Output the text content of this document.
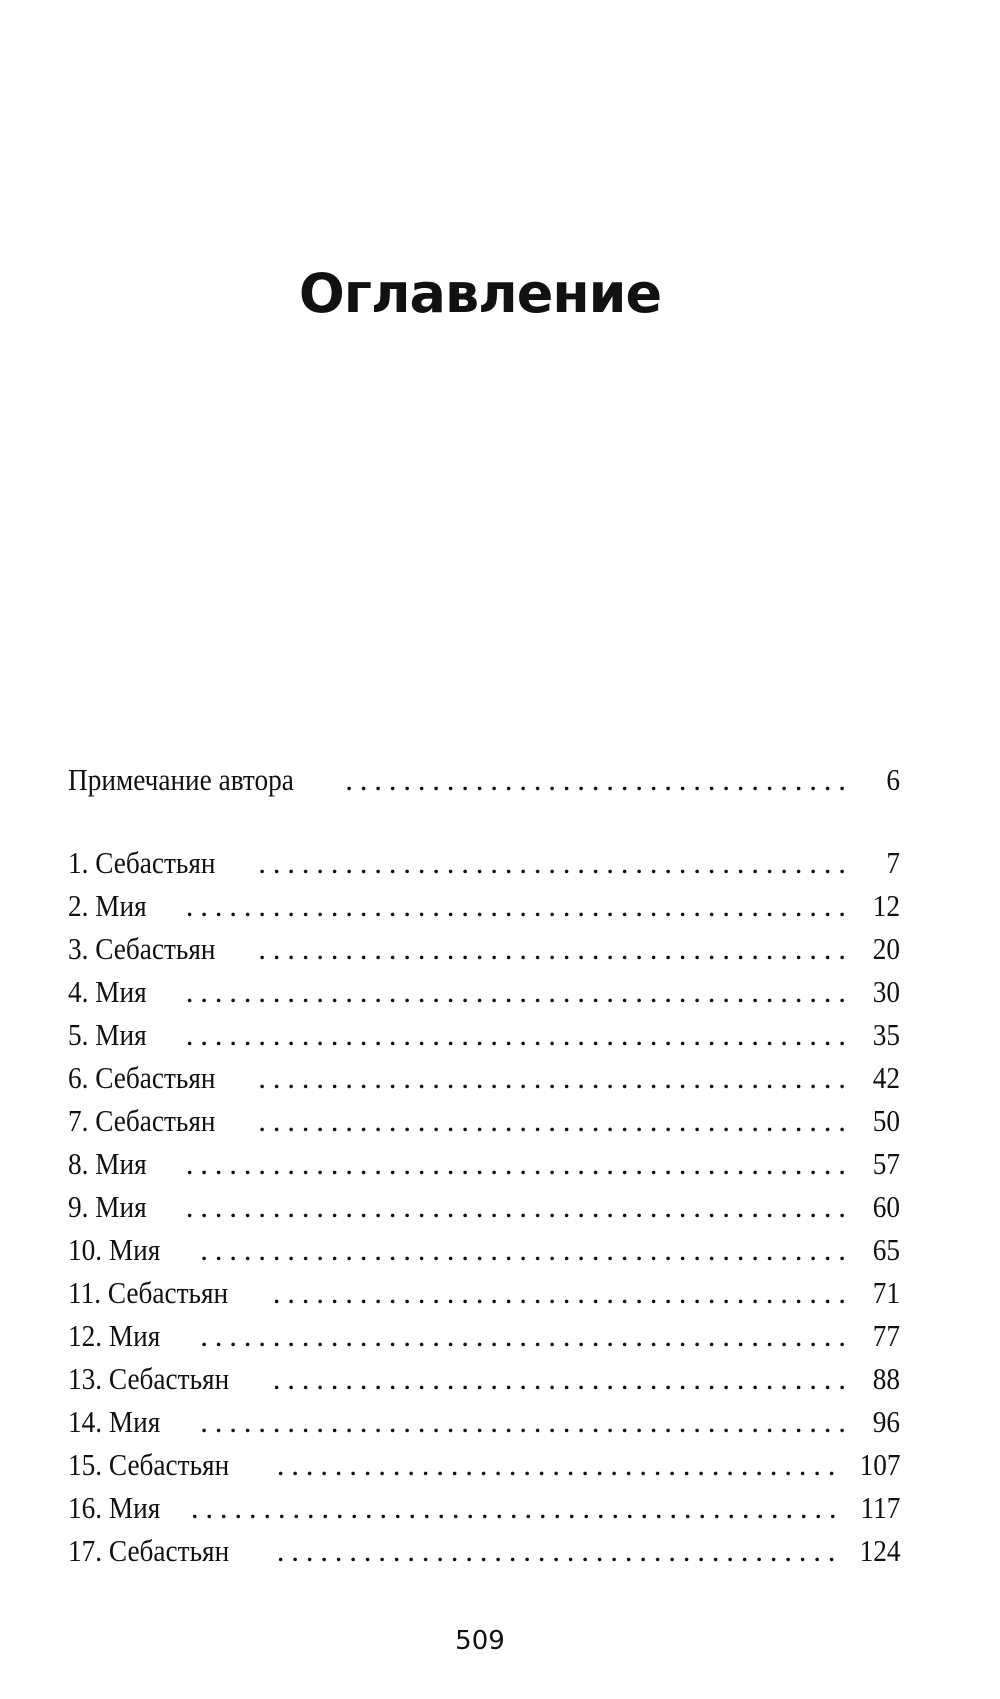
Оглавление
Примечание автора . . .	6
1. Себастьян . . .	7
2. Мия . . .	12
3. Себастьян . . .	20
4. Мия . . .	30
5. Мия . . .	35
6. Себастьян . . .	42
7. Себастьян . . .	50
8. Мия . . .	57
9. Мия . . .	60
10. Мия . . .	65
11. Себастьян . . .	71
12. Мия . . .	77
13. Себастьян . . .	88
14. Мия . . .	96
15. Себастьян . . .	107
16. Мия . . .	117
17. Себастьян . . .	124
509
